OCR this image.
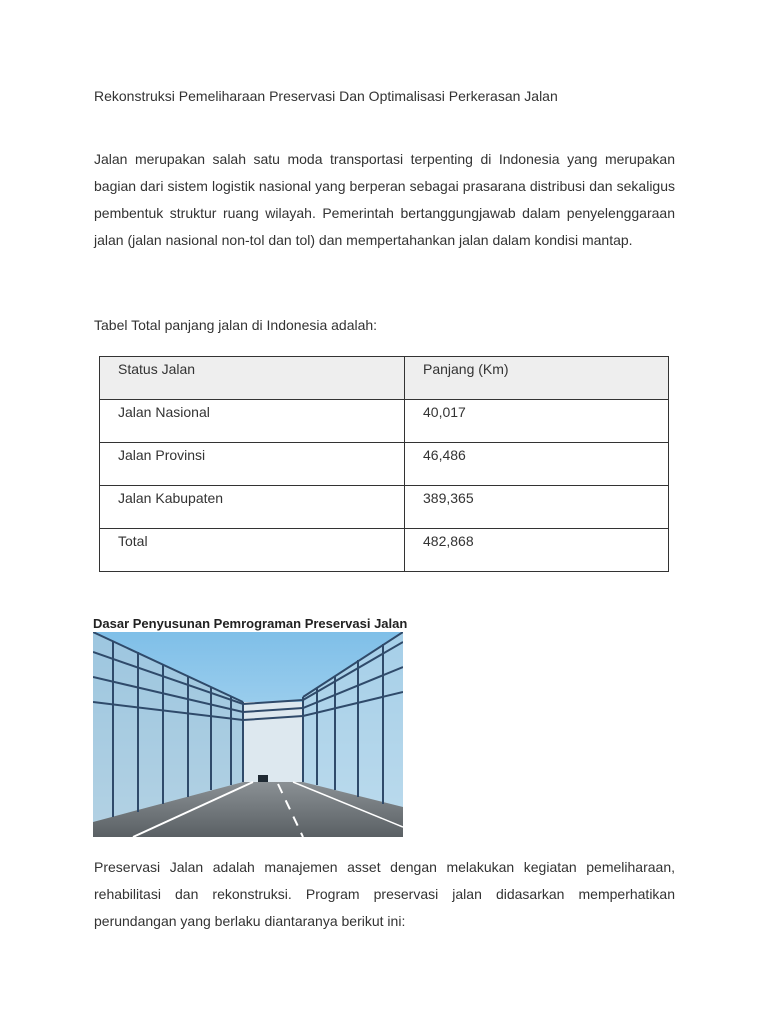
Rekonstruksi Pemeliharaan Preservasi Dan Optimalisasi Perkerasan Jalan

Jalan merupakan salah satu moda transportasi terpenting di Indonesia yang merupakan bagian dari sistem logistik nasional yang berperan sebagai prasarana distribusi dan sekaligus pembentuk struktur ruang wilayah. Pemerintah bertanggungjawab dalam penyelenggaraan jalan (jalan nasional non-tol dan tol) dan mempertahankan jalan dalam kondisi mantap.

Tabel Total panjang jalan di Indonesia adalah:

Status Jalan	Panjang (Km)
Jalan Nasional	40,017
Jalan Provinsi	46,486
Jalan Kabupaten	389,365
Total	482,868
Dasar Penyusunan Pemrograman Preservasi Jalan

Preservasi Jalan adalah manajemen asset dengan melakukan kegiatan pemeliharaan, rehabilitasi dan rekonstruksi. Program preservasi jalan didasarkan memperhatikan perundangan yang berlaku diantaranya berikut ini:
